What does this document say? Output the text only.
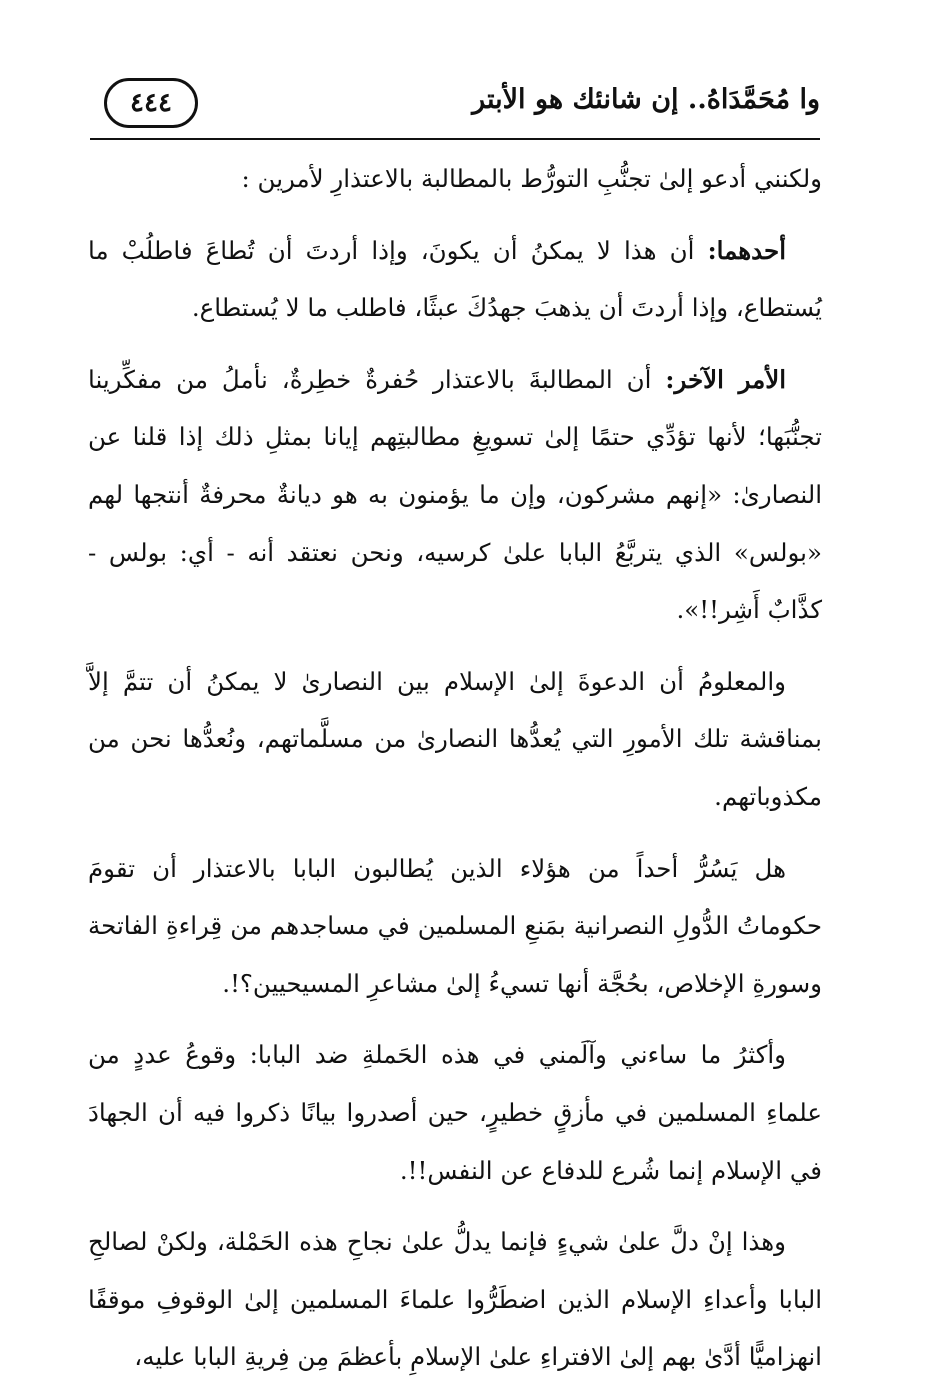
وا مُحَمَّدَاهُ.. إن شانئك هو الأبتر
٤٤٤

ولكنني أدعو إلىٰ تجنُّبِ التورُّط بالمطالبة بالاعتذارِ لأمرين :

أحدهما: أن هذا لا يمكنُ أن يكونَ، وإذا أردتَ أن تُطاعَ فاطلُبْ ما يُستطاع، وإذا أردتَ أن يذهبَ جهدُكَ عبثًا، فاطلب ما لا يُستطاع.

الأمر الآخر: أن المطالبةَ بالاعتذار حُفرةٌ خطِرةٌ، نأملُ من مفكِّرينا تجنُّبَها؛ لأنها تؤدِّي حتمًا إلىٰ تسويغِ مطالبتِهم إيانا بمثلِ ذلك إذا قلنا عن النصارىٰ: «إنهم مشركون، وإن ما يؤمنون به هو ديانةٌ محرفةٌ أنتجها لهم «بولس» الذي يتربَّعُ البابا علىٰ كرسيه، ونحن نعتقد أنه - أي: بولس - كذَّابٌ أَشِر!!».

والمعلومُ أن الدعوةَ إلىٰ الإسلام بين النصارىٰ لا يمكنُ أن تتمَّ إلاَّ بمناقشة تلك الأمورِ التي يُعدُّها النصارىٰ من مسلَّماتهم، ونُعدُّها نحن من مكذوباتهم.

هل يَسُرُّ أحداً من هؤلاء الذين يُطالبون البابا بالاعتذار أن تقومَ حكوماتُ الدُّولِ النصرانية بمَنعِ المسلمين في مساجدهم من قِراءةِ الفاتحة وسورةِ الإخلاص، بحُجَّة أنها تسيءُ إلىٰ مشاعرِ المسيحيين؟!.

وأكثرُ ما ساءني وآلَمني في هذه الحَملةِ ضد البابا: وقوعُ عددٍ من علماءِ المسلمين في مأزقٍ خطيرٍ، حين أصدروا بيانًا ذكروا فيه أن الجهادَ في الإسلام إنما شُرع للدفاع عن النفس!!.

وهذا إنْ دلَّ علىٰ شيءٍ فإنما يدلُّ علىٰ نجاحِ هذه الحَمْلة، ولكنْ لصالحِ البابا وأعداءِ الإسلام الذين اضطَرُّوا علماءَ المسلمين إلىٰ الوقوفِ موقفًا انهزاميًّا أدَّىٰ بهم إلىٰ الافتراءِ علىٰ الإسلامِ بأعظمَ مِن فِريةِ البابا عليه،
